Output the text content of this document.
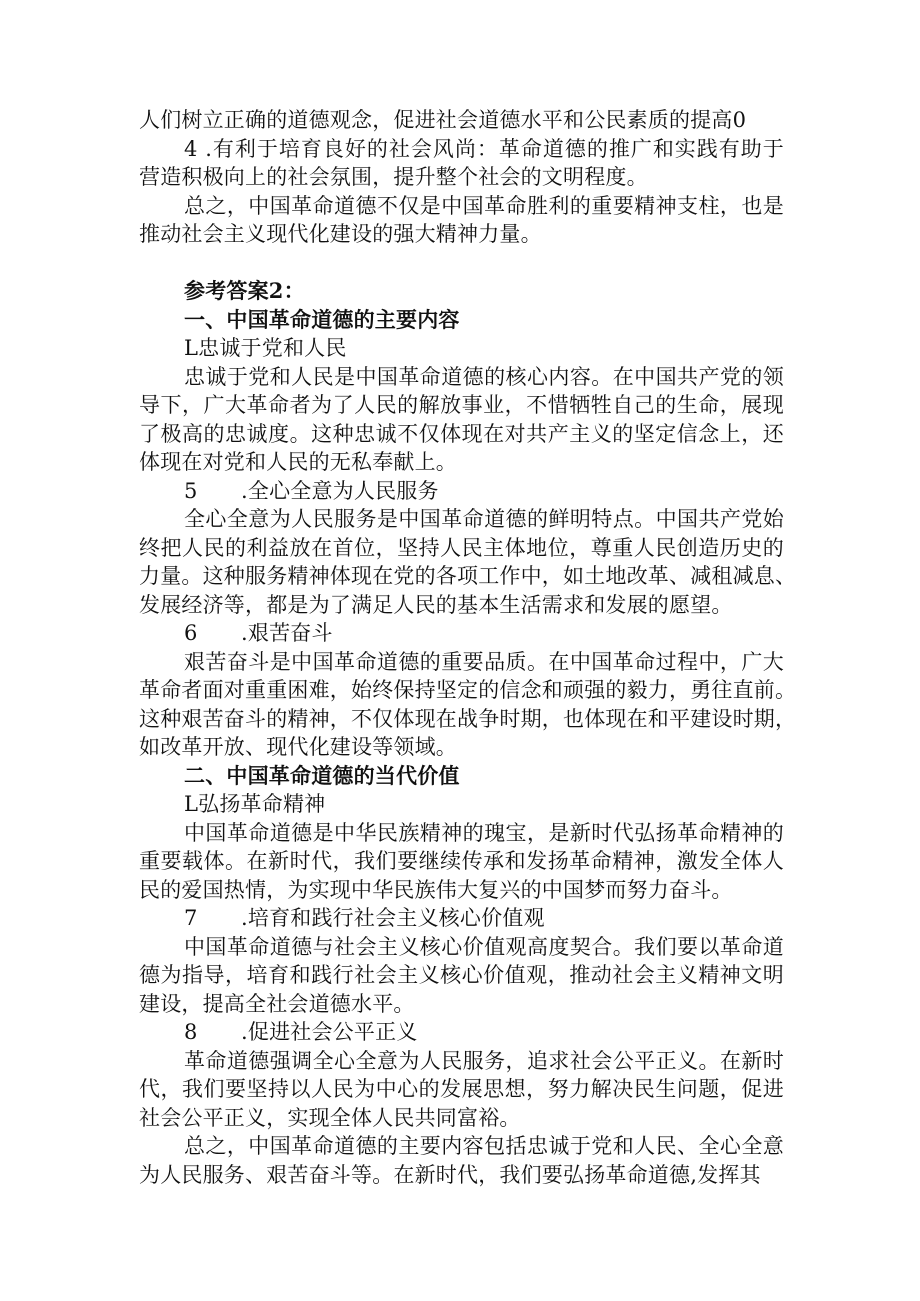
人们树立正确的道德观念，促进社会道德水平和公民素质的提高0
4 .有利于培育良好的社会风尚：革命道德的推广和实践有助于
营造积极向上的社会氛围，提升整个社会的文明程度。
总之，中国革命道德不仅是中国革命胜利的重要精神支柱，也是
推动社会主义现代化建设的强大精神力量。
参考答案2：
一、中国革命道德的主要内容
L忠诚于党和人民
忠诚于党和人民是中国革命道德的核心内容。在中国共产党的领
导下，广大革命者为了人民的解放事业，不惜牺牲自己的生命，展现
了极高的忠诚度。这种忠诚不仅体现在对共产主义的坚定信念上，还
体现在对党和人民的无私奉献上。
5 .全心全意为人民服务
全心全意为人民服务是中国革命道德的鲜明特点。中国共产党始
终把人民的利益放在首位，坚持人民主体地位，尊重人民创造历史的
力量。这种服务精神体现在党的各项工作中，如土地改革、减租减息、
发展经济等，都是为了满足人民的基本生活需求和发展的愿望。
6 .艰苦奋斗
艰苦奋斗是中国革命道德的重要品质。在中国革命过程中，广大
革命者面对重重困难，始终保持坚定的信念和顽强的毅力，勇往直前。
这种艰苦奋斗的精神，不仅体现在战争时期，也体现在和平建设时期，
如改革开放、现代化建设等领域。
二、中国革命道德的当代价值
L弘扬革命精神
中国革命道德是中华民族精神的瑰宝，是新时代弘扬革命精神的
重要载体。在新时代，我们要继续传承和发扬革命精神，激发全体人
民的爱国热情，为实现中华民族伟大复兴的中国梦而努力奋斗。
7 .培育和践行社会主义核心价值观
中国革命道德与社会主义核心价值观高度契合。我们要以革命道
德为指导，培育和践行社会主义核心价值观，推动社会主义精神文明
建设，提高全社会道德水平。
8 .促进社会公平正义
革命道德强调全心全意为人民服务，追求社会公平正义。在新时
代，我们要坚持以人民为中心的发展思想，努力解决民生问题，促进
社会公平正义，实现全体人民共同富裕。
总之，中国革命道德的主要内容包括忠诚于党和人民、全心全意
为人民服务、艰苦奋斗等。在新时代，我们要弘扬革命道德,发挥其
